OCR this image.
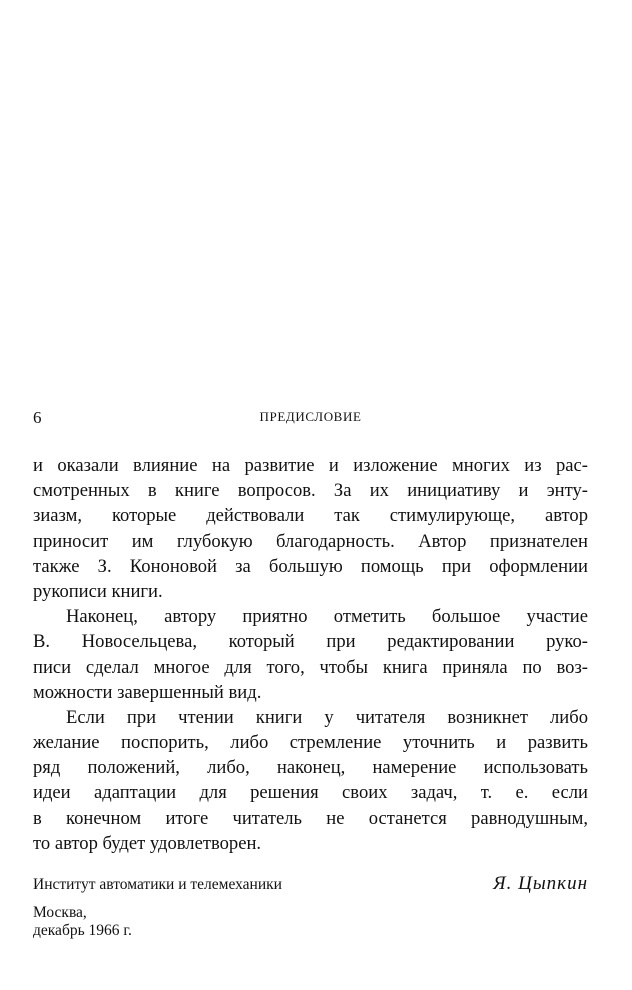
6	ПРЕДИСЛОВИЕ
и оказали влияние на развитие и изложение многих из рас-
смотренных в книге вопросов. За их инициативу и энту-
зиазм, которые действовали так стимулирующе, автор
приносит им глубокую благодарность. Автор признателен
также З. Кононовой за большую помощь при оформлении
рукописи книги.
Наконец, автору приятно отметить большое участие
В. Новосельцева, который при редактировании руко-
писи сделал многое для того, чтобы книга приняла по воз-
можности завершенный вид.
Если при чтении книги у читателя возникнет либо
желание поспорить, либо стремление уточнить и развить
ряд положений, либо, наконец, намерение использовать
идеи адаптации для решения своих задач, т. е. если
в конечном итоге читатель не останется равнодушным,
то автор будет удовлетворен.
Институт автоматики и телемеханики	Я. Цыпкин
Москва,
декабрь 1966 г.
